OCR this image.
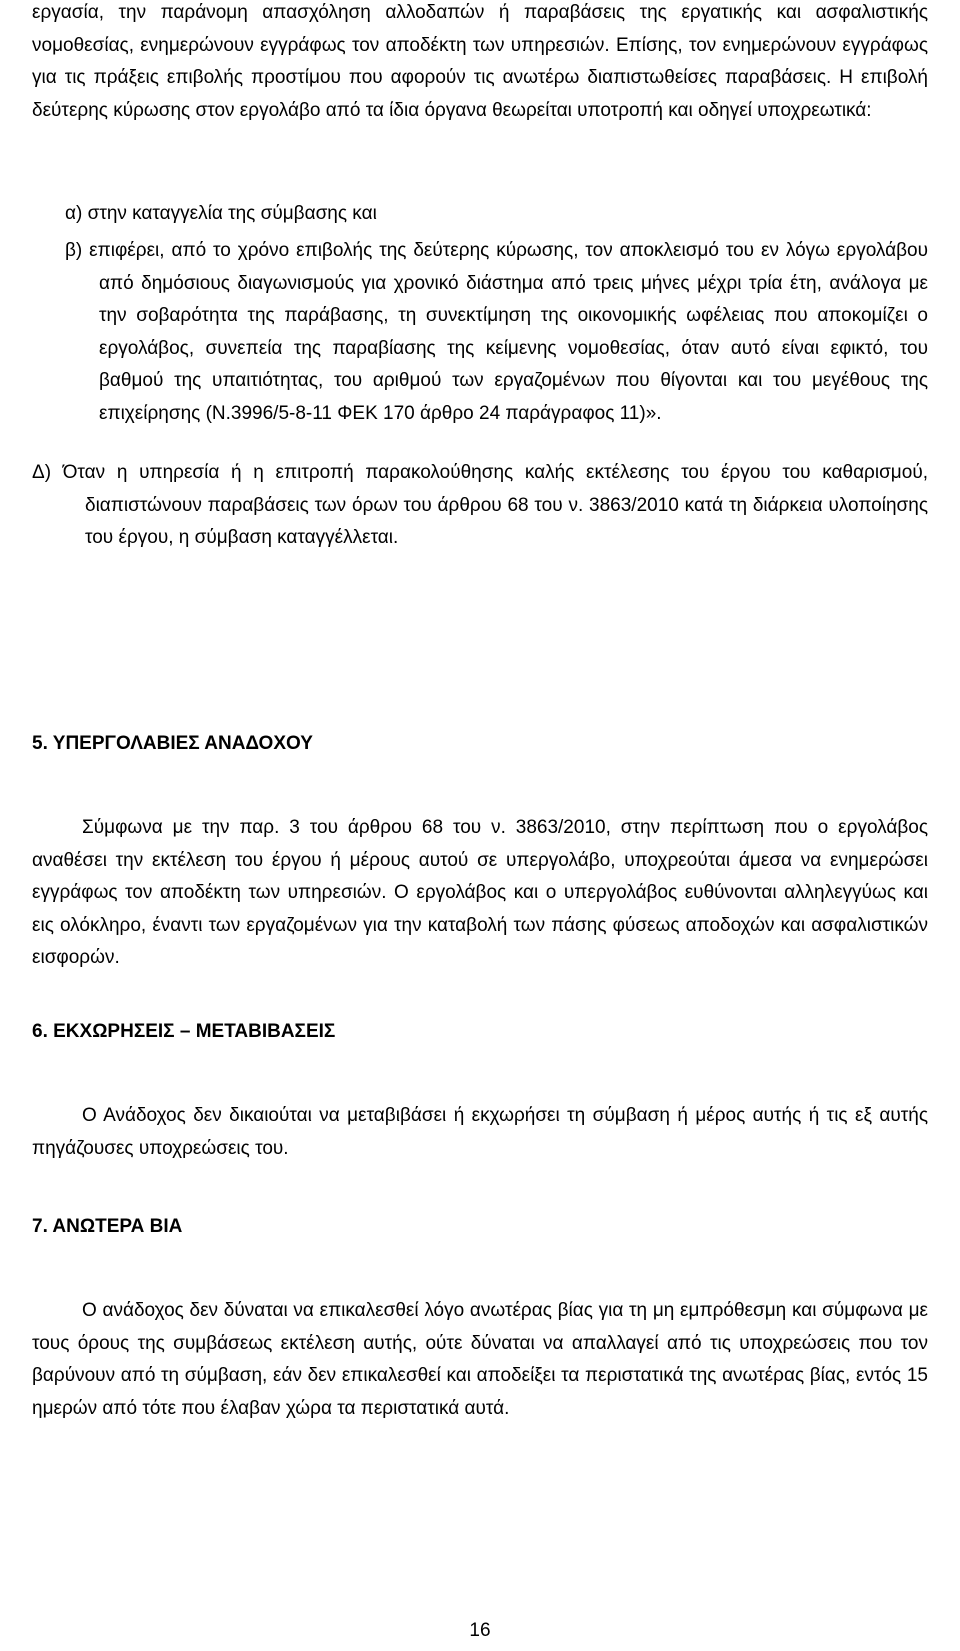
εργασία, την παράνομη απασχόληση αλλοδαπών ή παραβάσεις της εργατικής και ασφαλιστικής νομοθεσίας, ενημερώνουν εγγράφως τον αποδέκτη των υπηρεσιών. Επίσης, τον ενημερώνουν εγγράφως για τις πράξεις επιβολής προστίμου που αφορούν τις ανωτέρω διαπιστωθείσες παραβάσεις. Η επιβολή δεύτερης κύρωσης στον εργολάβο από τα ίδια όργανα θεωρείται υποτροπή και οδηγεί υποχρεωτικά:

α) στην καταγγελία της σύμβασης και

β) επιφέρει, από το χρόνο επιβολής της δεύτερης κύρωσης, τον αποκλεισμό του εν λόγω εργολάβου από δημόσιους διαγωνισμούς για χρονικό διάστημα από τρεις μήνες μέχρι τρία έτη, ανάλογα με την σοβαρότητα της παράβασης, τη συνεκτίμηση της οικονομικής ωφέλειας που αποκομίζει ο εργολάβος, συνεπεία της παραβίασης της κείμενης νομοθεσίας, όταν αυτό είναι εφικτό, του βαθμού της υπαιτιότητας, του αριθμού των εργαζομένων που θίγονται και του μεγέθους της επιχείρησης (Ν.3996/5-8-11 ΦΕΚ 170 άρθρο 24 παράγραφος 11)».

Δ) Όταν η υπηρεσία ή η επιτροπή παρακολούθησης καλής εκτέλεσης του έργου του καθαρισμού, διαπιστώνουν παραβάσεις των όρων του άρθρου 68 του ν. 3863/2010 κατά τη διάρκεια υλοποίησης του έργου, η σύμβαση καταγγέλλεται.

5. ΥΠΕΡΓΟΛΑΒΙΕΣ ΑΝΑΔΟΧΟΥ

Σύμφωνα με την παρ. 3 του άρθρου 68 του ν. 3863/2010, στην περίπτωση που ο εργολάβος αναθέσει την εκτέλεση του έργου ή μέρους αυτού σε υπεργολάβο, υποχρεούται άμεσα να ενημερώσει εγγράφως τον αποδέκτη των υπηρεσιών. Ο εργολάβος και ο υπεργολάβος ευθύνονται αλληλεγγύως και εις ολόκληρο, έναντι των εργαζομένων για την καταβολή των πάσης φύσεως αποδοχών και ασφαλιστικών εισφορών.

6. ΕΚΧΩΡΗΣΕΙΣ – ΜΕΤΑΒΙΒΑΣΕΙΣ

Ο Ανάδοχος δεν δικαιούται να μεταβιβάσει ή εκχωρήσει τη σύμβαση ή μέρος αυτής ή τις εξ αυτής πηγάζουσες υποχρεώσεις του.

7. ΑΝΩΤΕΡΑ ΒΙΑ

Ο ανάδοχος δεν δύναται να επικαλεσθεί λόγο ανωτέρας βίας για τη μη εμπρόθεσμη και σύμφωνα με τους όρους της συμβάσεως εκτέλεση αυτής, ούτε δύναται να απαλλαγεί από τις υποχρεώσεις που τον βαρύνουν από τη σύμβαση, εάν δεν επικαλεσθεί και αποδείξει τα περιστατικά της ανωτέρας βίας, εντός 15 ημερών από τότε που έλαβαν χώρα τα περιστατικά αυτά.

16
